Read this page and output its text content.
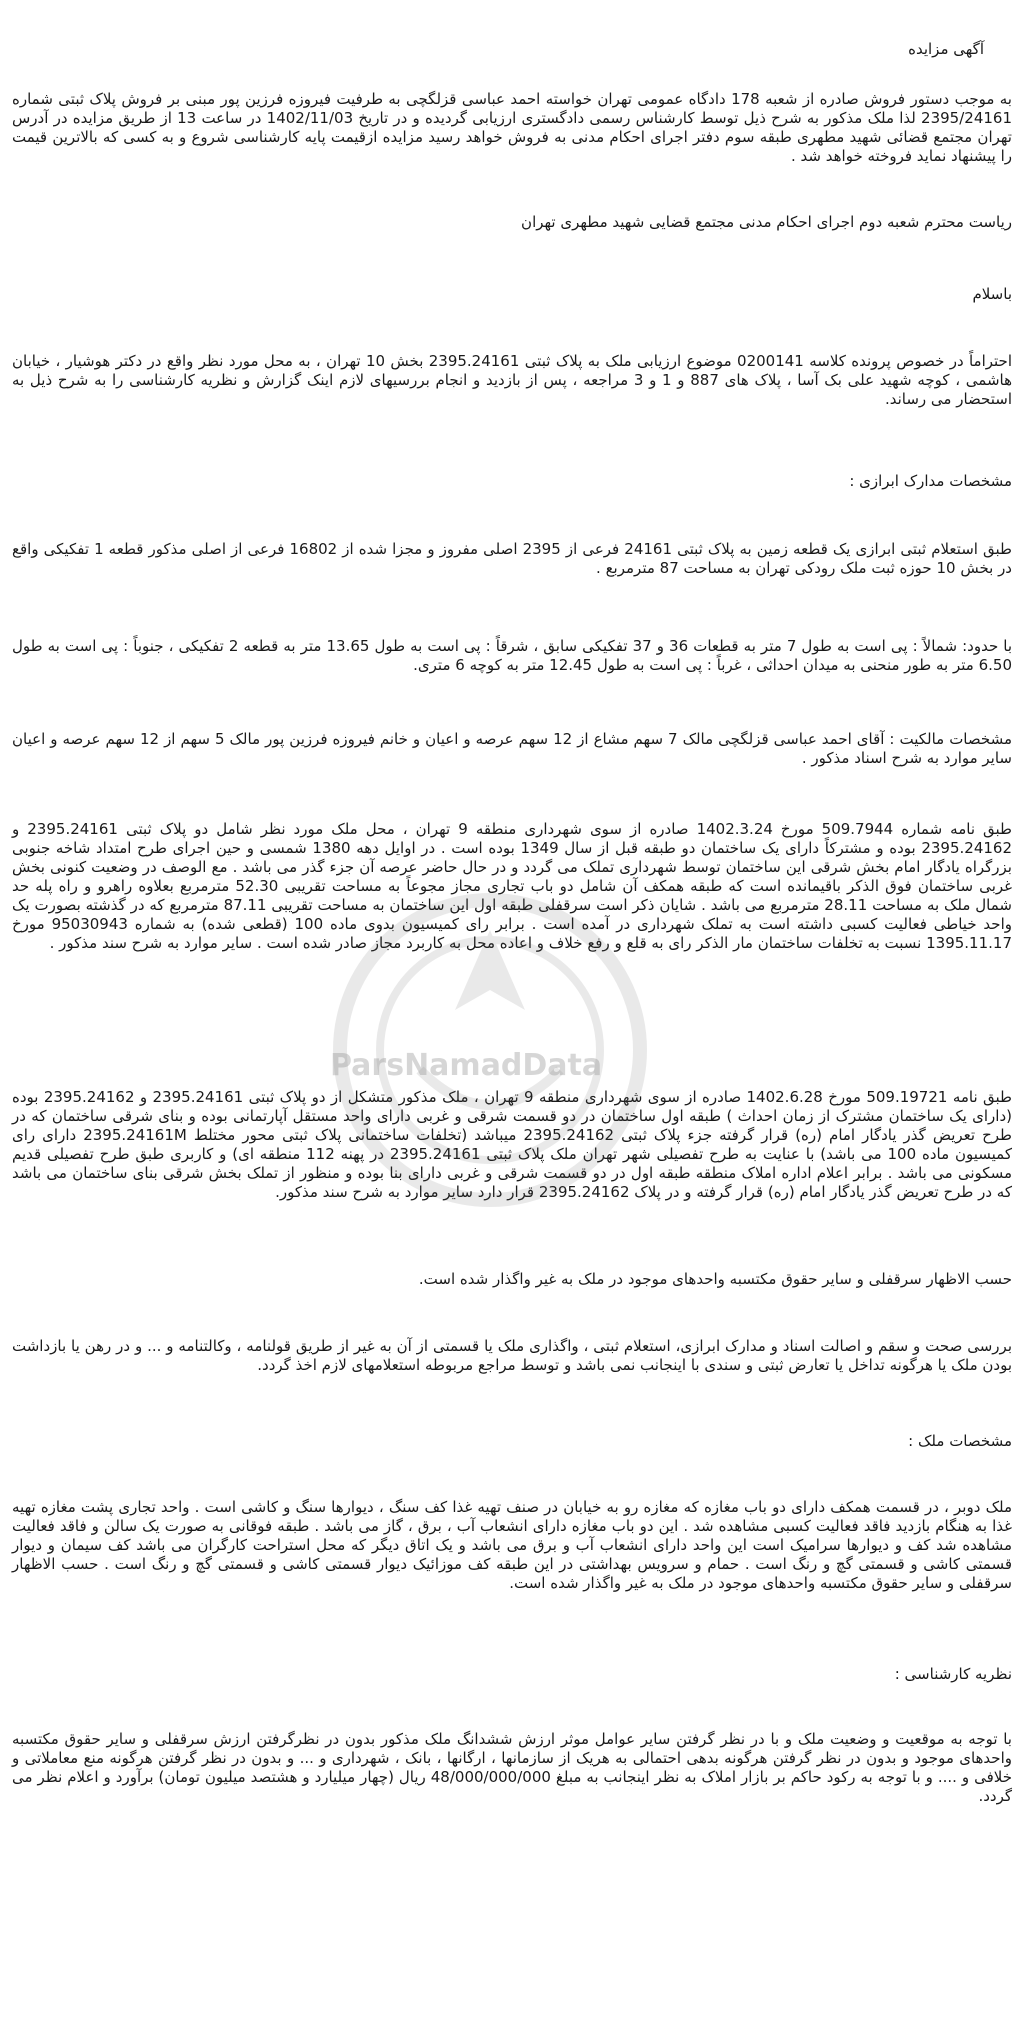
آگهی مزایده

به موجب دستور فروش صادره از شعبه 178 دادگاه عمومی تهران خواسته احمد عباسی قزلگچی به طرفیت فیروزه فرزین پور مبنی بر فروش پلاک ثبتی شماره 2395/24161 لذا ملک مذکور به شرح ذیل توسط کارشناس رسمی دادگستری ارزیابی گردیده و در تاریخ 1402/11/03 در ساعت 13 از طریق مزایده در آدرس تهران مجتمع قضائی شهید مطهری طبقه سوم دفتر اجرای احکام مدنی به فروش خواهد رسید مزایده ازقیمت پایه کارشناسی شروع و به کسی که بالاترین قیمت را پیشنهاد نماید فروخته خواهد شد .

ریاست محترم شعبه دوم اجرای احکام مدنی مجتمع قضایی شهید مطهری تهران

باسلام

احتراماً در خصوص پرونده کلاسه 0200141 موضوع ارزیابی ملک به پلاک ثبتی 2395.24161 بخش 10 تهران ، به محل مورد نظر واقع در دکتر هوشیار ، خیابان هاشمی ، کوچه شهید علی بک آسا ، پلاک های 887 و 1 و 3 مراجعه ، پس از بازدید و انجام بررسیهای لازم اینک گزارش و نظریه کارشناسی را به شرح ذیل به استحضار می رساند.

مشخصات مدارک ابرازی :

طبق استعلام ثبتی ابرازی یک قطعه زمین به پلاک ثبتی 24161 فرعی از 2395 اصلی مفروز و مجزا شده از 16802 فرعی از اصلی مذکور قطعه 1 تفکیکی واقع در بخش 10 حوزه ثبت ملک رودکی تهران به مساحت 87 مترمربع .

با حدود: شمالاً : پی است به طول 7 متر به قطعات 36 و 37 تفکیکی سابق ، شرقاً : پی است به طول 13.65 متر به قطعه 2 تفکیکی ، جنوباً : پی است به طول 6.50 متر به طور منحنی به میدان احداثی ، غرباً : پی است به طول 12.45 متر به کوچه 6 متری.

مشخصات مالکیت : آقای احمد عباسی قزلگچی مالک 7 سهم مشاع از 12 سهم عرصه و اعیان و خانم فیروزه فرزین پور مالک 5 سهم از 12 سهم عرصه و اعیان سایر موارد به شرح اسناد مذکور .

طبق نامه شماره 509.7944 مورخ 1402.3.24 صادره از سوی شهرداری منطقه 9 تهران ، محل ملک مورد نظر شامل دو پلاک ثبتی 2395.24161 و 2395.24162 بوده و مشترکاً دارای یک ساختمان دو طبقه قبل از سال 1349 بوده است . در اوایل دهه 1380 شمسی و حین اجرای طرح امتداد شاخه جنوبی بزرگراه یادگار امام بخش شرقی این ساختمان توسط شهرداری تملک می گردد و در حال حاضر عرصه آن جزء گذر می باشد . مع الوصف در وضعیت کنونی بخش غربی ساختمان فوق الذکر باقیمانده است که طبقه همکف آن شامل دو باب تجاری مجاز مجوعاً به مساحت تقریبی 52.30 مترمربع بعلاوه راهرو و راه پله حد شمال ملک به مساحت 28.11 مترمربع می باشد . شایان ذکر است سرقفلی طبقه اول این ساختمان به مساحت تقریبی 87.11 مترمربع که در گذشته بصورت یک واحد خیاطی فعالیت کسبی داشته است به تملک شهرداری در آمده است . برابر رای کمیسیون بدوی ماده 100 (قطعی شده) به شماره 95030943 مورخ 1395.11.17 نسبت به تخلفات ساختمان مار الذکر رای به قلع و رفع خلاف و اعاده محل به کاربرد مجاز صادر شده است . سایر موارد به شرح سند مذکور .

طبق نامه 509.19721 مورخ 1402.6.28 صادره از سوی شهرداری منطقه 9 تهران ، ملک مذکور متشکل از دو پلاک ثبتی 2395.24161 و 2395.24162 بوده (دارای یک ساختمان مشترک از زمان احداث ) طبقه اول ساختمان در دو قسمت شرقی و غربی دارای واحد مستقل آپارتمانی بوده و بنای شرقی ساختمان که در طرح تعریض گذر یادگار امام (ره) قرار گرفته جزء پلاک ثبتی 2395.24162 میباشد (تخلفات ساختمانی پلاک ثبتی محور مختلط 2395.24161M دارای رای کمیسیون ماده 100 می باشد) با عنایت به طرح تفصیلی شهر تهران ملک پلاک ثبتی 2395.24161 در پهنه 112 منطقه ای) و کاربری طبق طرح تفصیلی قدیم مسکونی می باشد . برابر اعلام اداره املاک منطقه طبقه اول در دو قسمت شرقی و غربی دارای بنا بوده و منظور از تملک بخش شرقی بنای ساختمان می باشد که در طرح تعریض گذر یادگار امام (ره) قرار گرفته و در پلاک 2395.24162 قرار دارد سایر موارد به شرح سند مذکور.

حسب الاظهار سرقفلی و سایر حقوق مکتسبه واحدهای موجود در ملک به غیر واگذار شده است.

بررسی صحت و سقم و اصالت اسناد و مدارک ابرازی، استعلام ثبتی ، واگذاری ملک یا قسمتی از آن به غیر از طریق قولنامه ، وکالتنامه و ... و در رهن یا بازداشت بودن ملک یا هرگونه تداخل یا تعارض ثبتی و سندی با اینجانب نمی باشد و توسط مراجع مربوطه استعلامهای لازم اخذ گردد.

مشخصات ملک :

ملک دوبر ، در قسمت همکف دارای دو باب مغازه که مغازه رو به خیابان در صنف تهیه غذا کف سنگ ، دیوارها سنگ و کاشی است . واحد تجاری پشت مغازه تهیه غذا به هنگام بازدید فاقد فعالیت کسبی مشاهده شد . این دو باب مغازه دارای انشعاب آب ، برق ، گاز می باشد . طبقه فوقانی به صورت یک سالن و فاقد فعالیت مشاهده شد کف و دیوارها سرامیک است این واحد دارای انشعاب آب و برق می باشد و یک اتاق دیگر که محل استراحت کارگران می باشد کف سیمان و دیوار قسمتی کاشی و قسمتی گچ و رنگ است . حمام و سرویس بهداشتی در این طبقه کف موزائیک دیوار قسمتی کاشی و قسمتی گچ و رنگ است . حسب الاظهار سرقفلی و سایر حقوق مکتسبه واحدهای موجود در ملک به غیر واگذار شده است.

نظریه کارشناسی :

با توجه به موقعیت و وضعیت ملک و با در نظر گرفتن سایر عوامل موثر ارزش ششدانگ ملک مذکور بدون در نظرگرفتن ارزش سرقفلی و سایر حقوق مکتسبه واحدهای موجود و بدون در نظر گرفتن هرگونه بدهی احتمالی به هریک از سازمانها ، ارگانها ، بانک ، شهرداری و ... و بدون در نظر گرفتن هرگونه منع معاملاتی و خلافی و .... و با توجه به رکود حاکم بر بازار املاک به نظر اینجانب به مبلغ 48/000/000/000 ریال (چهار میلیارد و هشتصد میلیون تومان) برآورد و اعلام نظر می گردد.

ParsNamadData
